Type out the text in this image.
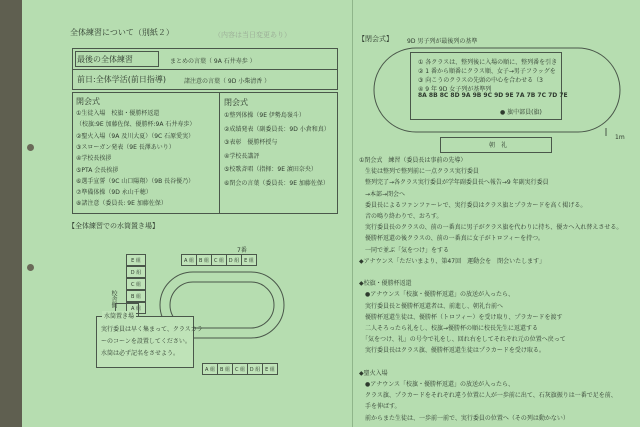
全体練習について（別紙２）	（内容は当日変更あり）
最後の全体練習	まとめの言葉（ 9A 石井寿歩 ）
前日:全体学活(前日指導)	諸注意の言葉（ 9D 小柴清香 ）
開会式
①生徒入場　校旗・優勝杯返還
（校旗:9E 加藤佐保、優勝杯:9A 石井寿歩）
②聖火入場（9A 及川大夏）（9C 石原愛実）
③スローガン発表（9E 長澤あいり）
④学校長挨拶
⑤PTA 会長挨拶
⑥選手宣誓（9C 山口陽翔）（9B 長谷優乃）
⑦準備体操（9D 永山千穂）
⑧諸注意（委員長: 9E 加藤佐保）
閉会式
①整列体操（9E 伊勢島嶺斗）
②成績発表（副委員長：9D 小倉和真）
③表彰　優勝杯授与
④学校長講評
⑤校歌斉唱（指揮：9E 濵田奈央）
⑥閉会の言葉（委員長：9E 加藤佐保）
【全体練習での水筒置き場】
E 組
D 組
C 組
B 組
A 組
A 組 B 組 C 組 D 組 E 組
A 組 B 組 C 組 D 組 E 組
7番
校舎側
水筒置き場
実行委員は早く集まって、クラスカラ
ーのコーンを設置してください。
水筒は必ず記名をさせよう。
【閉会式】 9D 男子列が最後列の基準
① 各クラスは、整列後に入場の順に、整列番を引き
② 1 番から順番にクラス順、女子→男子フラッグを
③ 向こうのクラスの先頭の中心を合わせる（3
④ 9 年 9D 女子列が基準列
8A 8B 8C 8D 9A 9B 9C 9D 9E 7A 7B 7C 7D 7E
● 旗中部員(旗)
1m
朝　礼
①閉会式　練習（委員長は事前の先導）
　生徒は整列で整列前に一点クラス実行委員
　整列完了→各クラス実行委員が学年副委員長へ報告→9 年副実行委員
　→本部→閉会へ
　委員長によるファンファーレで、実行委員はクラス旗とプラカードを高く掲げる。
　音の鳴り終わりで、おろす。
　実行委員長のクラスの、前の一番真に男子がクラス旗を代わりに持ち、優カへ入れ替えさせる。
　優勝杯返還の後クラスの、前の一番真に女子がトロフィーを持つ。
　一同で並ぶ「気をつけ」をする
◆アナウンス「ただいまより、第47回　運動会を　閉会いたします」
◆校旗・優勝杯返還
　●アナウンス「校旗・優勝杯返還」の放送が入ったら、
　実行委員長と優勝杯返還者は、前進し、朝礼台前へ
　優勝杯返還生徒は、優勝杯（トロフィー）を受け取り、プラカードを渡す
　二人そろったら礼をし、校旗→優勝杯の順に校長先生に返還する
　「気をつけ、礼」の号令で礼をし、回れ右をしてそれぞれ元の位置へ戻って
　実行委員長はクラス旗、優勝杯返還生徒はプラカードを受け取る。
◆聖火入場
　●アナウンス「校旗・優勝杯返還」の放送が入ったら、
　クラス旗、プラカードをそれぞれ違う位置に人が一歩前に出て、石灰旗振りは一番で足を前、
　手を伸ばす。
　前からまた生徒は、一歩前一前で、実行委員の位置へ（その列は動かない）
